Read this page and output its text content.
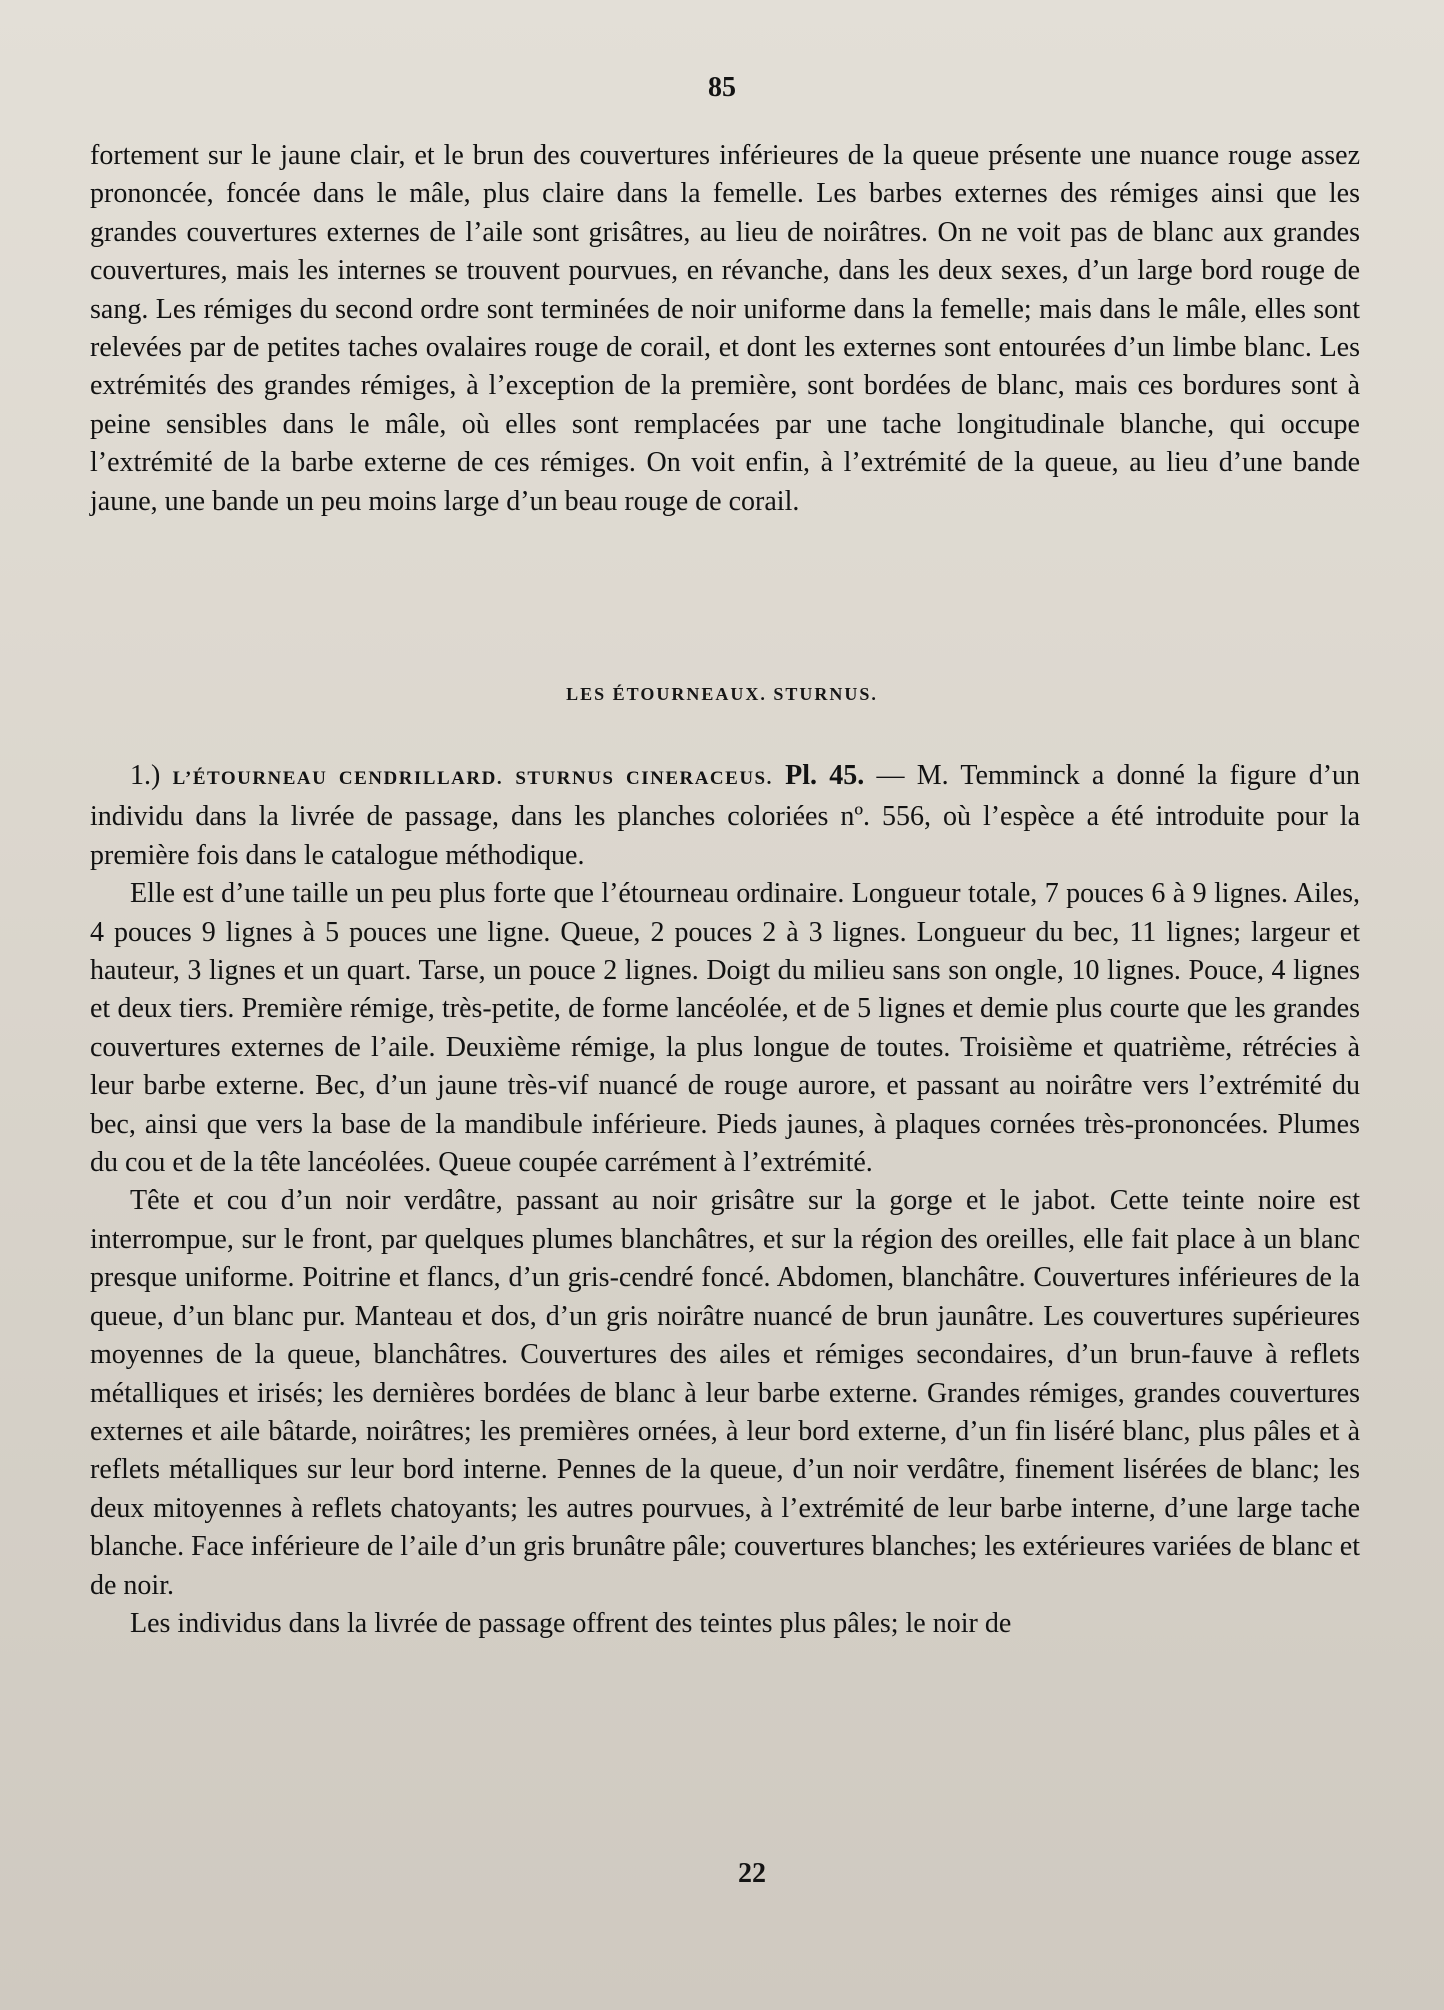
85

fortement sur le jaune clair, et le brun des couvertures inférieures de la queue présente une nuance rouge assez prononcée, foncée dans le mâle, plus claire dans la femelle. Les barbes externes des rémiges ainsi que les grandes couvertures externes de l’aile sont grisâtres, au lieu de noirâtres. On ne voit pas de blanc aux grandes couvertures, mais les internes se trouvent pourvues, en révanche, dans les deux sexes, d’un large bord rouge de sang. Les rémiges du second ordre sont terminées de noir uniforme dans la femelle; mais dans le mâle, elles sont relevées par de petites taches ovalaires rouge de corail, et dont les externes sont entourées d’un limbe blanc. Les extrémités des grandes rémiges, à l’exception de la première, sont bordées de blanc, mais ces bordures sont à peine sensibles dans le mâle, où elles sont remplacées par une tache longitudinale blanche, qui occupe l’extrémité de la barbe externe de ces rémiges. On voit enfin, à l’extrémité de la queue, au lieu d’une bande jaune, une bande un peu moins large d’un beau rouge de corail.

LES ÉTOURNEAUX. STURNUS.

1.) L’ÉTOURNEAU CENDRILLARD. STURNUS CINERACEUS. Pl. 45. — M. Temminck a donné la figure d’un individu dans la livrée de passage, dans les planches coloriées nº. 556, où l’espèce a été introduite pour la première fois dans le catalogue méthodique.

Elle est d’une taille un peu plus forte que l’étourneau ordinaire. Longueur totale, 7 pouces 6 à 9 lignes. Ailes, 4 pouces 9 lignes à 5 pouces une ligne. Queue, 2 pouces 2 à 3 lignes. Longueur du bec, 11 lignes; largeur et hauteur, 3 lignes et un quart. Tarse, un pouce 2 lignes. Doigt du milieu sans son ongle, 10 lignes. Pouce, 4 lignes et deux tiers. Première rémige, très-petite, de forme lancéolée, et de 5 lignes et demie plus courte que les grandes couvertures externes de l’aile. Deuxième rémige, la plus longue de toutes. Troisième et quatrième, rétrécies à leur barbe externe. Bec, d’un jaune très-vif nuancé de rouge aurore, et passant au noirâtre vers l’extrémité du bec, ainsi que vers la base de la mandibule inférieure. Pieds jaunes, à plaques cornées très-prononcées. Plumes du cou et de la tête lancéolées. Queue coupée carrément à l’extrémité.

Tête et cou d’un noir verdâtre, passant au noir grisâtre sur la gorge et le jabot. Cette teinte noire est interrompue, sur le front, par quelques plumes blanchâtres, et sur la région des oreilles, elle fait place à un blanc presque uniforme. Poitrine et flancs, d’un gris-cendré foncé. Abdomen, blanchâtre. Couvertures inférieures de la queue, d’un blanc pur. Manteau et dos, d’un gris noirâtre nuancé de brun jaunâtre. Les couvertures supérieures moyennes de la queue, blanchâtres. Couvertures des ailes et rémiges secondaires, d’un brun-fauve à reflets métalliques et irisés; les dernières bordées de blanc à leur barbe externe. Grandes rémiges, grandes couvertures externes et aile bâtarde, noirâtres; les premières ornées, à leur bord externe, d’un fin liséré blanc, plus pâles et à reflets métalliques sur leur bord interne. Pennes de la queue, d’un noir verdâtre, finement lisérées de blanc; les deux mitoyennes à reflets chatoyants; les autres pourvues, à l’extrémité de leur barbe interne, d’une large tache blanche. Face inférieure de l’aile d’un gris brunâtre pâle; couvertures blanches; les extérieures variées de blanc et de noir.

Les individus dans la livrée de passage offrent des teintes plus pâles; le noir de

22
